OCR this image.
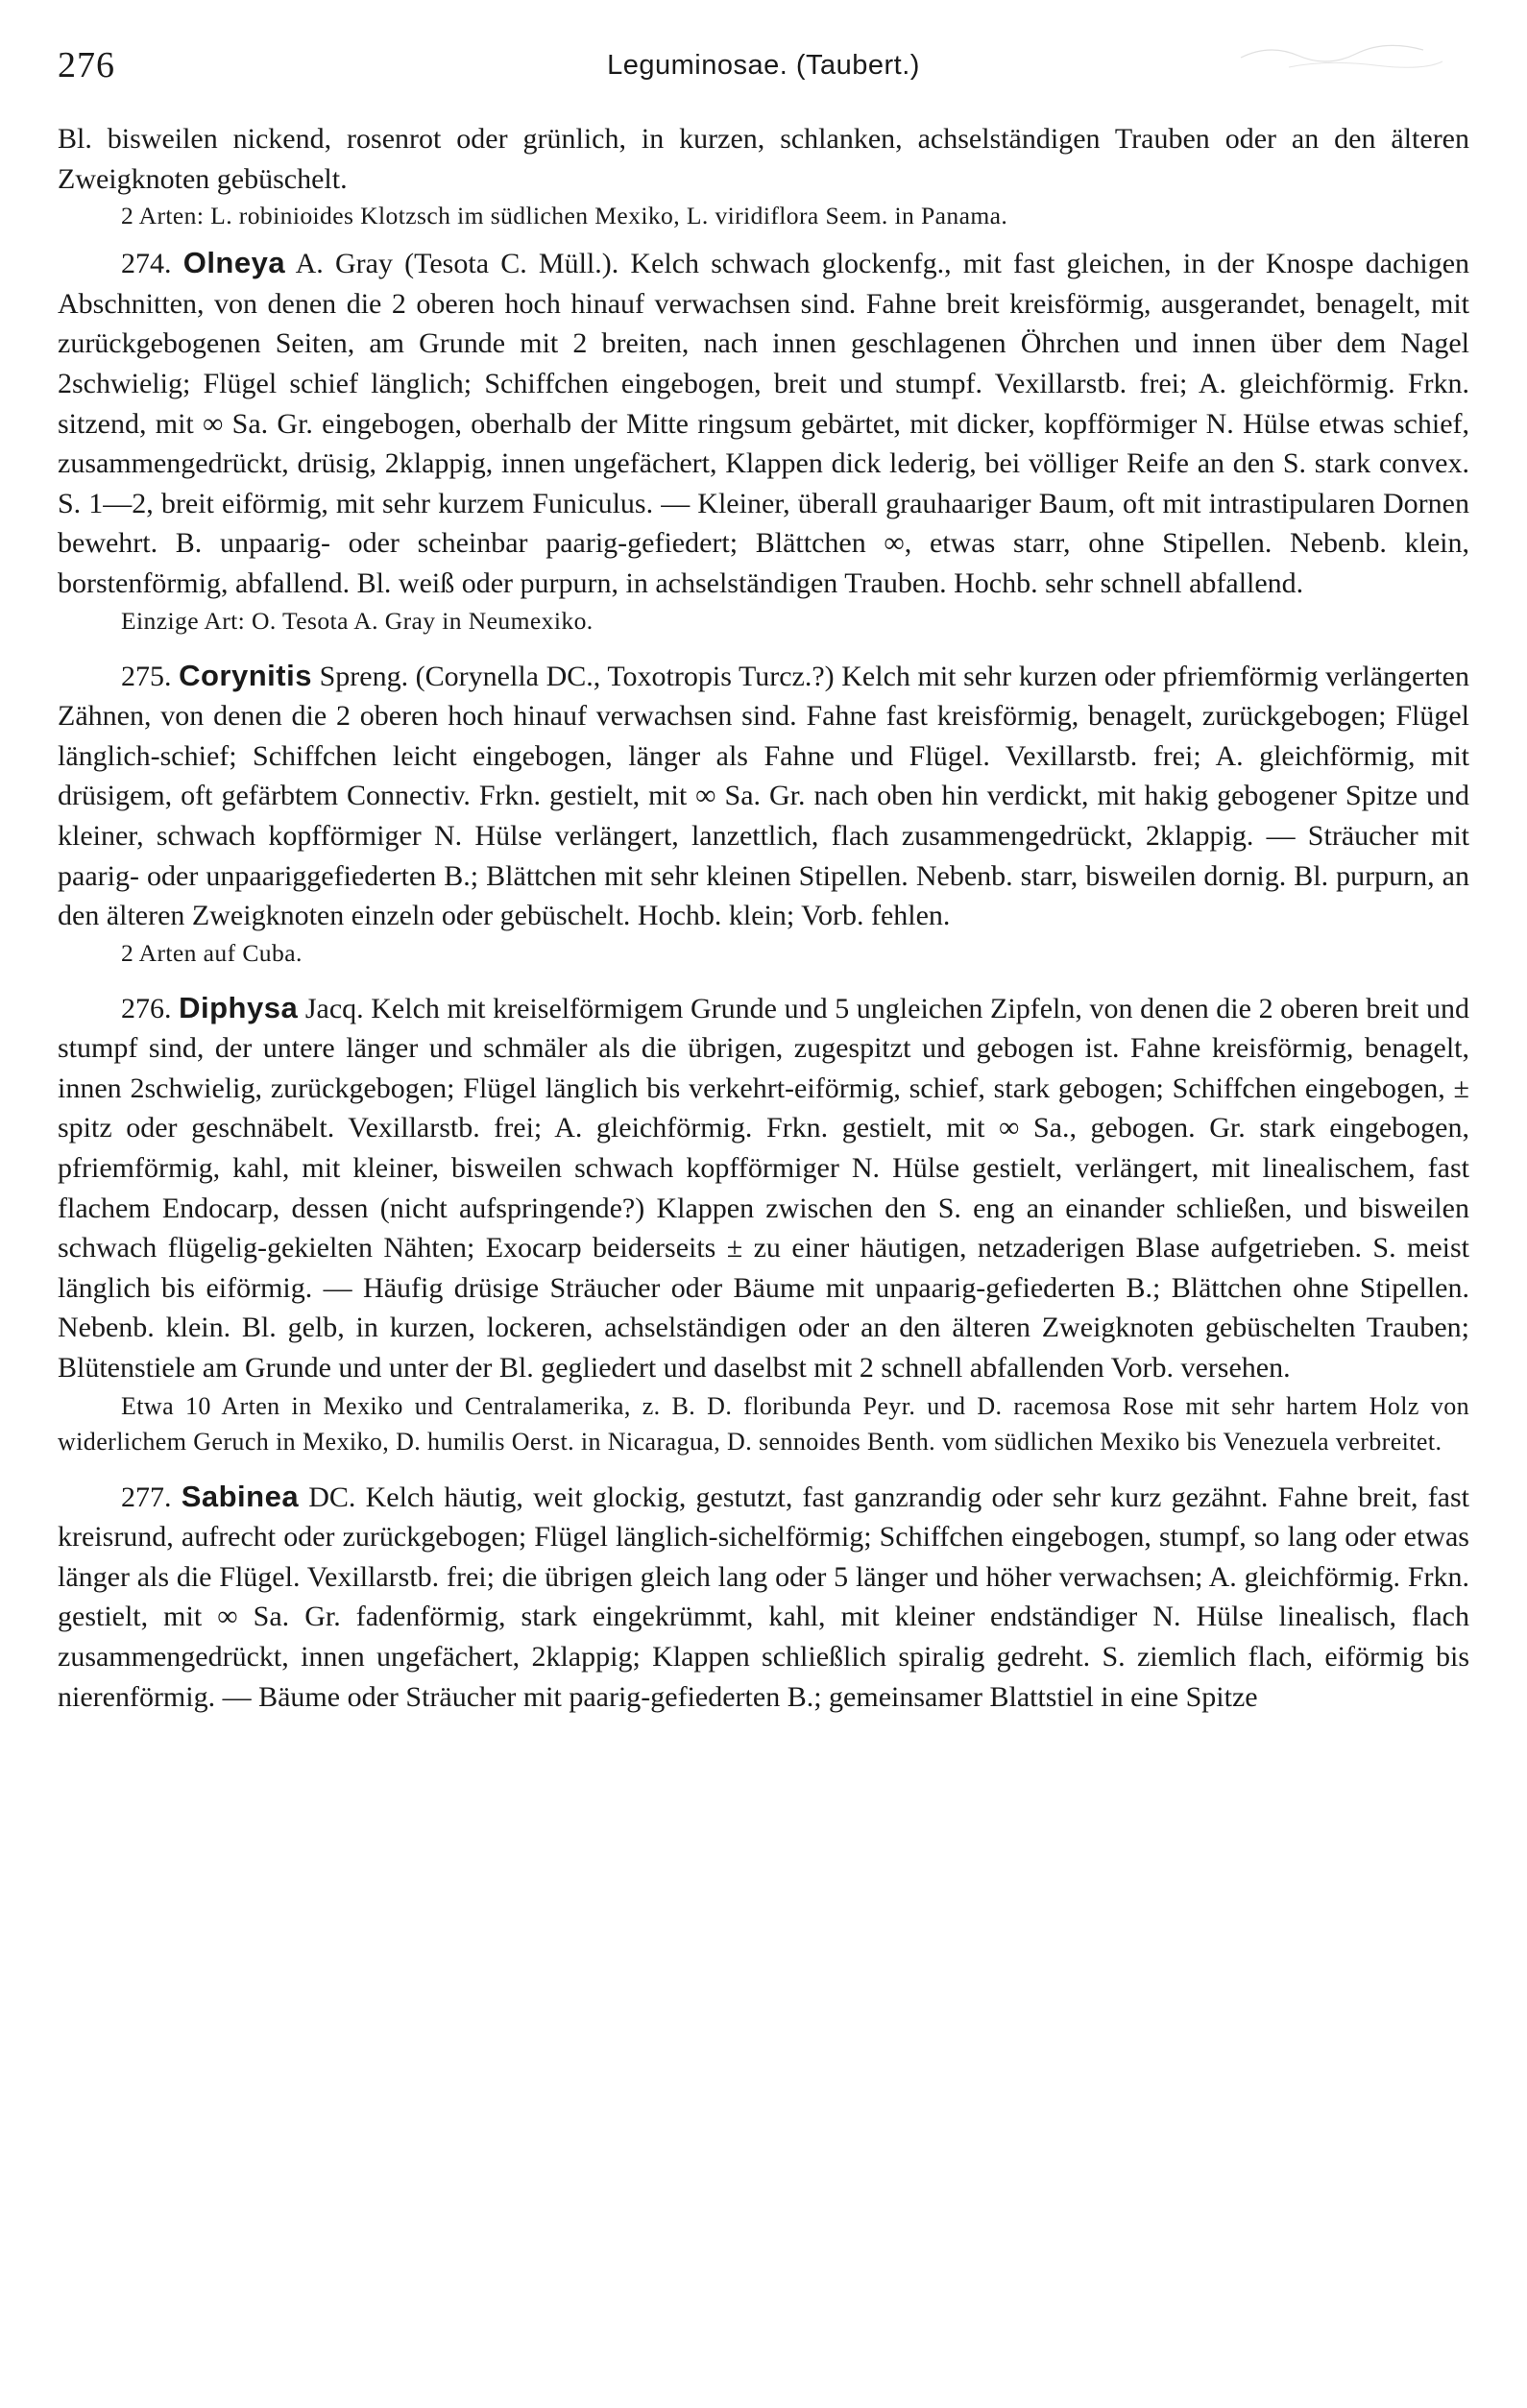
276	Leguminosae. (Taubert.)

Bl. bisweilen nickend, rosenrot oder grünlich, in kurzen, schlanken, achselständigen Trauben oder an den älteren Zweigknoten gebüschelt.

2 Arten: L. robinioides Klotzsch im südlichen Mexiko, L. viridiflora Seem. in Panama.

274. Olneya A. Gray (Tesota C. Müll.). Kelch schwach glockenfg., mit fast gleichen, in der Knospe dachigen Abschnitten, von denen die 2 oberen hoch hinauf verwachsen sind. Fahne breit kreisförmig, ausgerandet, benagelt, mit zurückgebogenen Seiten, am Grunde mit 2 breiten, nach innen geschlagenen Öhrchen und innen über dem Nagel 2schwielig; Flügel schief länglich; Schiffchen eingebogen, breit und stumpf. Vexillarstb. frei; A. gleichförmig. Frkn. sitzend, mit ∞ Sa. Gr. eingebogen, oberhalb der Mitte ringsum gebärtet, mit dicker, kopfförmiger N. Hülse etwas schief, zusammengedrückt, drüsig, 2klappig, innen ungefächert, Klappen dick lederig, bei völliger Reife an den S. stark convex. S. 1—2, breit eiförmig, mit sehr kurzem Funiculus. — Kleiner, überall grauhaariger Baum, oft mit intrastipularen Dornen bewehrt. B. unpaarig- oder scheinbar paarig-gefiedert; Blättchen ∞, etwas starr, ohne Stipellen. Nebenb. klein, borstenförmig, abfallend. Bl. weiß oder purpurn, in achselständigen Trauben. Hochb. sehr schnell abfallend.

Einzige Art: O. Tesota A. Gray in Neumexiko.

275. Corynitis Spreng. (Corynella DC., Toxotropis Turcz.?) Kelch mit sehr kurzen oder pfriemförmig verlängerten Zähnen, von denen die 2 oberen hoch hinauf verwachsen sind. Fahne fast kreisförmig, benagelt, zurückgebogen; Flügel länglich-schief; Schiffchen leicht eingebogen, länger als Fahne und Flügel. Vexillarstb. frei; A. gleichförmig, mit drüsigem, oft gefärbtem Connectiv. Frkn. gestielt, mit ∞ Sa. Gr. nach oben hin verdickt, mit hakig gebogener Spitze und kleiner, schwach kopfförmiger N. Hülse verlängert, lanzettlich, flach zusammengedrückt, 2klappig. — Sträucher mit paarig- oder unpaariggefiederten B.; Blättchen mit sehr kleinen Stipellen. Nebenb. starr, bisweilen dornig. Bl. purpurn, an den älteren Zweigknoten einzeln oder gebüschelt. Hochb. klein; Vorb. fehlen.

2 Arten auf Cuba.

276. Diphysa Jacq. Kelch mit kreiselförmigem Grunde und 5 ungleichen Zipfeln, von denen die 2 oberen breit und stumpf sind, der untere länger und schmäler als die übrigen, zugespitzt und gebogen ist. Fahne kreisförmig, benagelt, innen 2schwielig, zurückgebogen; Flügel länglich bis verkehrt-eiförmig, schief, stark gebogen; Schiffchen eingebogen, ± spitz oder geschnäbelt. Vexillarstb. frei; A. gleichförmig. Frkn. gestielt, mit ∞ Sa., gebogen. Gr. stark eingebogen, pfriemförmig, kahl, mit kleiner, bisweilen schwach kopfförmiger N. Hülse gestielt, verlängert, mit linealischem, fast flachem Endocarp, dessen (nicht aufspringende?) Klappen zwischen den S. eng an einander schließen, und bisweilen schwach flügelig-gekielten Nähten; Exocarp beiderseits ± zu einer häutigen, netzaderigen Blase aufgetrieben. S. meist länglich bis eiförmig. — Häufig drüsige Sträucher oder Bäume mit unpaarig-gefiederten B.; Blättchen ohne Stipellen. Nebenb. klein. Bl. gelb, in kurzen, lockeren, achselständigen oder an den älteren Zweigknoten gebüschelten Trauben; Blütenstiele am Grunde und unter der Bl. gegliedert und daselbst mit 2 schnell abfallenden Vorb. versehen.

Etwa 10 Arten in Mexiko und Centralamerika, z. B. D. floribunda Peyr. und D. racemosa Rose mit sehr hartem Holz von widerlichem Geruch in Mexiko, D. humilis Oerst. in Nicaragua, D. sennoides Benth. vom südlichen Mexiko bis Venezuela verbreitet.

277. Sabinea DC. Kelch häutig, weit glockig, gestutzt, fast ganzrandig oder sehr kurz gezähnt. Fahne breit, fast kreisrund, aufrecht oder zurückgebogen; Flügel länglich-sichelförmig; Schiffchen eingebogen, stumpf, so lang oder etwas länger als die Flügel. Vexillarstb. frei; die übrigen gleich lang oder 5 länger und höher verwachsen; A. gleichförmig. Frkn. gestielt, mit ∞ Sa. Gr. fadenförmig, stark eingekrümmt, kahl, mit kleiner endständiger N. Hülse linealisch, flach zusammengedrückt, innen ungefächert, 2klappig; Klappen schließlich spiralig gedreht. S. ziemlich flach, eiförmig bis nierenförmig. — Bäume oder Sträucher mit paarig-gefiederten B.; gemeinsamer Blattstiel in eine Spitze
